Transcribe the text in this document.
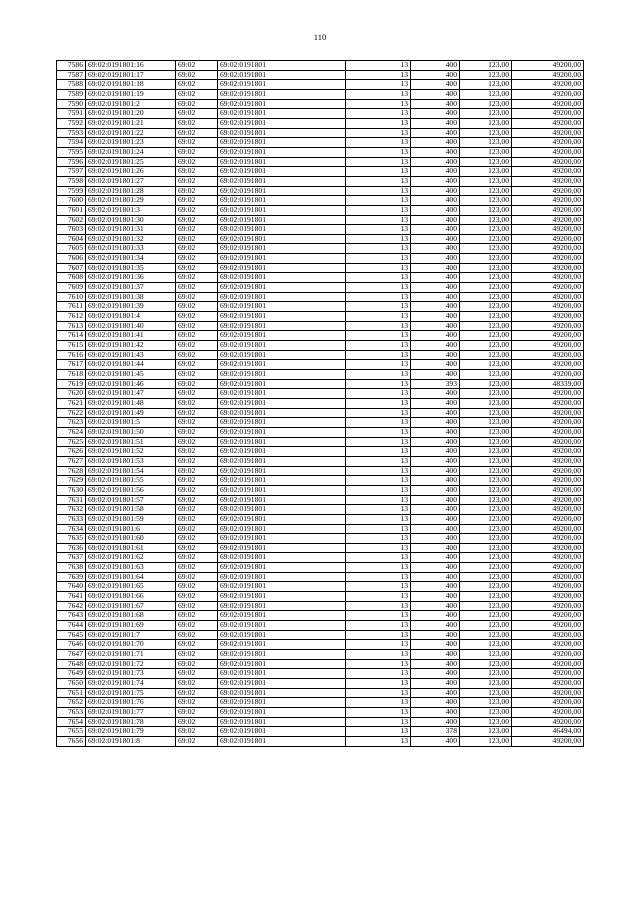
110
7586	69:02:0191801:16	69:02	69:02:0191801	13	400	123,00	49200,00
7587	69:02:0191801:17	69:02	69:02:0191801	13	400	123,00	49200,00
7588	69:02:0191801:18	69:02	69:02:0191801	13	400	123,00	49200,00
7589	69:02:0191801:19	69:02	69:02:0191801	13	400	123,00	49200,00
7590	69:02:0191801:2	69:02	69:02:0191801	13	400	123,00	49200,00
7591	69:02:0191801:20	69:02	69:02:0191801	13	400	123,00	49200,00
7592	69:02:0191801:21	69:02	69:02:0191801	13	400	123,00	49200,00
7593	69:02:0191801:22	69:02	69:02:0191801	13	400	123,00	49200,00
7594	69:02:0191801:23	69:02	69:02:0191801	13	400	123,00	49200,00
7595	69:02:0191801:24	69:02	69:02:0191801	13	400	123,00	49200,00
7596	69:02:0191801:25	69:02	69:02:0191801	13	400	123,00	49200,00
7597	69:02:0191801:26	69:02	69:02:0191801	13	400	123,00	49200,00
7598	69:02:0191801:27	69:02	69:02:0191801	13	400	123,00	49200,00
7599	69:02:0191801:28	69:02	69:02:0191801	13	400	123,00	49200,00
7600	69:02:0191801:29	69:02	69:02:0191801	13	400	123,00	49200,00
7601	69:02:0191801:3	69:02	69:02:0191801	13	400	123,00	49200,00
7602	69:02:0191801:30	69:02	69:02:0191801	13	400	123,00	49200,00
7603	69:02:0191801:31	69:02	69:02:0191801	13	400	123,00	49200,00
7604	69:02:0191801:32	69:02	69:02:0191801	13	400	123,00	49200,00
7605	69:02:0191801:33	69:02	69:02:0191801	13	400	123,00	49200,00
7606	69:02:0191801:34	69:02	69:02:0191801	13	400	123,00	49200,00
7607	69:02:0191801:35	69:02	69:02:0191801	13	400	123,00	49200,00
7608	69:02:0191801:36	69:02	69:02:0191801	13	400	123,00	49200,00
7609	69:02:0191801:37	69:02	69:02:0191801	13	400	123,00	49200,00
7610	69:02:0191801:38	69:02	69:02:0191801	13	400	123,00	49200,00
7611	69:02:0191801:39	69:02	69:02:0191801	13	400	123,00	49200,00
7612	69:02:0191801:4	69:02	69:02:0191801	13	400	123,00	49200,00
7613	69:02:0191801:40	69:02	69:02:0191801	13	400	123,00	49200,00
7614	69:02:0191801:41	69:02	69:02:0191801	13	400	123,00	49200,00
7615	69:02:0191801:42	69:02	69:02:0191801	13	400	123,00	49200,00
7616	69:02:0191801:43	69:02	69:02:0191801	13	400	123,00	49200,00
7617	69:02:0191801:44	69:02	69:02:0191801	13	400	123,00	49200,00
7618	69:02:0191801:45	69:02	69:02:0191801	13	400	123,00	49200,00
7619	69:02:0191801:46	69:02	69:02:0191801	13	393	123,00	48339,00
7620	69:02:0191801:47	69:02	69:02:0191801	13	400	123,00	49200,00
7621	69:02:0191801:48	69:02	69:02:0191801	13	400	123,00	49200,00
7622	69:02:0191801:49	69:02	69:02:0191801	13	400	123,00	49200,00
7623	69:02:0191801:5	69:02	69:02:0191801	13	400	123,00	49200,00
7624	69:02:0191801:50	69:02	69:02:0191801	13	400	123,00	49200,00
7625	69:02:0191801:51	69:02	69:02:0191801	13	400	123,00	49200,00
7626	69:02:0191801:52	69:02	69:02:0191801	13	400	123,00	49200,00
7627	69:02:0191801:53	69:02	69:02:0191801	13	400	123,00	49200,00
7628	69:02:0191801:54	69:02	69:02:0191801	13	400	123,00	49200,00
7629	69:02:0191801:55	69:02	69:02:0191801	13	400	123,00	49200,00
7630	69:02:0191801:56	69:02	69:02:0191801	13	400	123,00	49200,00
7631	69:02:0191801:57	69:02	69:02:0191801	13	400	123,00	49200,00
7632	69:02:0191801:58	69:02	69:02:0191801	13	400	123,00	49200,00
7633	69:02:0191801:59	69:02	69:02:0191801	13	400	123,00	49200,00
7634	69:02:0191801:6	69:02	69:02:0191801	13	400	123,00	49200,00
7635	69:02:0191801:60	69:02	69:02:0191801	13	400	123,00	49200,00
7636	69:02:0191801:61	69:02	69:02:0191801	13	400	123,00	49200,00
7637	69:02:0191801:62	69:02	69:02:0191801	13	400	123,00	49200,00
7638	69:02:0191801:63	69:02	69:02:0191801	13	400	123,00	49200,00
7639	69:02:0191801:64	69:02	69:02:0191801	13	400	123,00	49200,00
7640	69:02:0191801:65	69:02	69:02:0191801	13	400	123,00	49200,00
7641	69:02:0191801:66	69:02	69:02:0191801	13	400	123,00	49200,00
7642	69:02:0191801:67	69:02	69:02:0191801	13	400	123,00	49200,00
7643	69:02:0191801:68	69:02	69:02:0191801	13	400	123,00	49200,00
7644	69:02:0191801:69	69:02	69:02:0191801	13	400	123,00	49200,00
7645	69:02:0191801:7	69:02	69:02:0191801	13	400	123,00	49200,00
7646	69:02:0191801:70	69:02	69:02:0191801	13	400	123,00	49200,00
7647	69:02:0191801:71	69:02	69:02:0191801	13	400	123,00	49200,00
7648	69:02:0191801:72	69:02	69:02:0191801	13	400	123,00	49200,00
7649	69:02:0191801:73	69:02	69:02:0191801	13	400	123,00	49200,00
7650	69:02:0191801:74	69:02	69:02:0191801	13	400	123,00	49200,00
7651	69:02:0191801:75	69:02	69:02:0191801	13	400	123,00	49200,00
7652	69:02:0191801:76	69:02	69:02:0191801	13	400	123,00	49200,00
7653	69:02:0191801:77	69:02	69:02:0191801	13	400	123,00	49200,00
7654	69:02:0191801:78	69:02	69:02:0191801	13	400	123,00	49200,00
7655	69:02:0191801:79	69:02	69:02:0191801	13	378	123,00	46494,00
7656	69:02:0191801:8	69:02	69:02:0191801	13	400	123,00	49200,00
